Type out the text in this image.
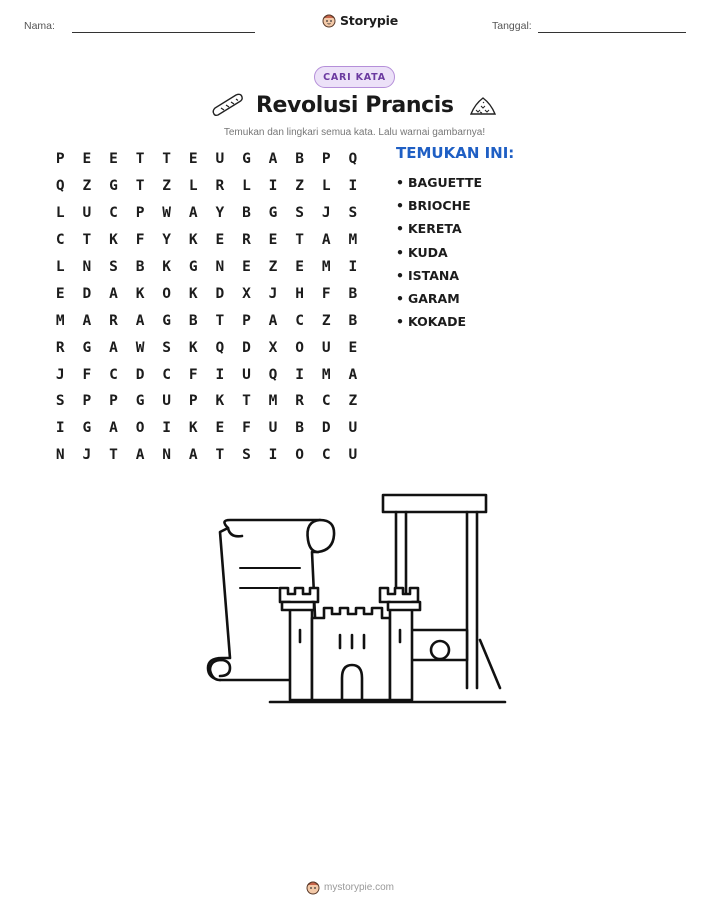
Nama:	Storypie	Tanggal:
CARI KATA
Revolusi Prancis
Temukan dan lingkari semua kata. Lalu warnai gambarnya!
P	E	E	T	T	E	U	G	A	B	P	Q
Q	Z	G	T	Z	L	R	L	I	Z	L	I
L	U	C	P	W	A	Y	B	G	S	J	S
C	T	K	F	Y	K	E	R	E	T	A	M
L	N	S	B	K	G	N	E	Z	E	M	I
E	D	A	K	O	K	D	X	J	H	F	B
M	A	R	A	G	B	T	P	A	C	Z	B
R	G	A	W	S	K	Q	D	X	O	U	E
J	F	C	D	C	F	I	U	Q	I	M	A
S	P	P	G	U	P	K	T	M	R	C	Z
I	G	A	O	I	K	E	F	U	B	D	U
N	J	T	A	N	A	T	S	I	O	C	U
TEMUKAN INI:
• BAGUETTE
• BRIOCHE
• KERETA
• KUDA
• ISTANA
• GARAM
• KOKADE
mystorypie.com
